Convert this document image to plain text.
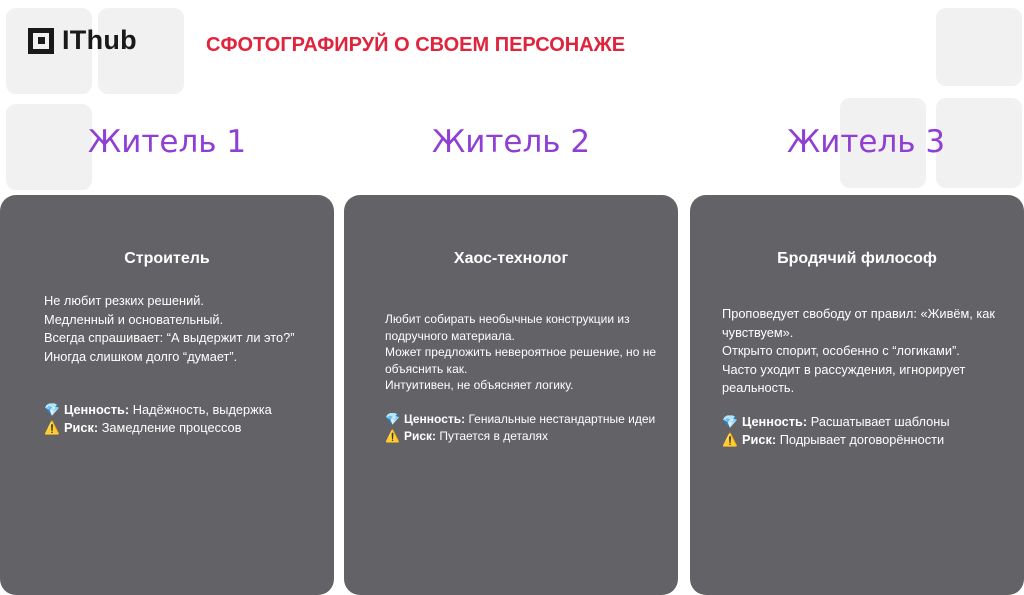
IThub	СФОТОГРАФИРУЙ О СВОЕМ ПЕРСОНАЖЕ
Житель 1	Житель 2	Житель 3
Строитель
Не любит резких решений.
Медленный и основательный.
Всегда спрашивает: “А выдержит ли это?”
Иногда слишком долго “думает”.
💎 Ценность: Надёжность, выдержка
⚠️ Риск: Замедление процессов
Хаос-технолог
Любит собирать необычные конструкции из подручного материала.
Может предложить невероятное решение, но не объяснить как.
Интуитивен, не объясняет логику.
💎 Ценность: Гениальные нестандартные идеи
⚠️ Риск: Путается в деталях
Бродячий философ
Проповедует свободу от правил: «Живём, как чувствуем».
Открыто спорит, особенно с “логиками”.
Часто уходит в рассуждения, игнорирует реальность.
💎 Ценность: Расшатывает шаблоны
⚠️ Риск: Подрывает договорённости
